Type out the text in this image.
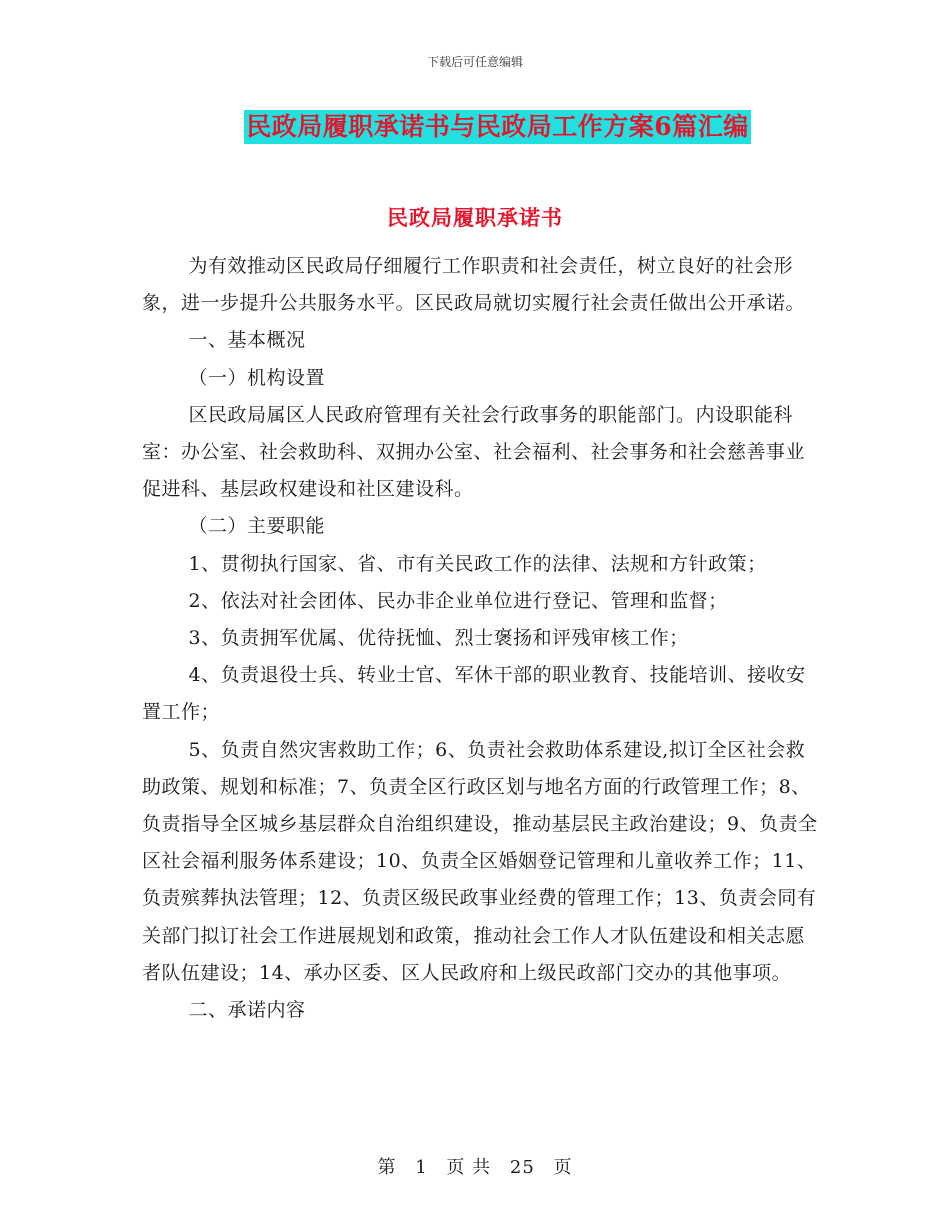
下载后可任意编辑
民政局履职承诺书与民政局工作方案6篇汇编
民政局履职承诺书

为有效推动区民政局仔细履行工作职责和社会责任，树立良好的社会形象，进一步提升公共服务水平。区民政局就切实履行社会责任做出公开承诺。

一、基本概况

（一）机构设置

区民政局属区人民政府管理有关社会行政事务的职能部门。内设职能科室：办公室、社会救助科、双拥办公室、社会福利、社会事务和社会慈善事业促进科、基层政权建设和社区建设科。

（二）主要职能

1、贯彻执行国家、省、市有关民政工作的法律、法规和方针政策；

2、依法对社会团体、民办非企业单位进行登记、管理和监督；

3、负责拥军优属、优待抚恤、烈士褒扬和评残审核工作；

4、负责退役士兵、转业士官、军休干部的职业教育、技能培训、接收安置工作；

5、负责自然灾害救助工作；6、负责社会救助体系建设,拟订全区社会救助政策、规划和标准；7、负责全区行政区划与地名方面的行政管理工作；8、负责指导全区城乡基层群众自治组织建设，推动基层民主政治建设；9、负责全区社会福利服务体系建设；10、负责全区婚姻登记管理和儿童收养工作；11、负责殡葬执法管理；12、负责区级民政事业经费的管理工作；13、负责会同有关部门拟订社会工作进展规划和政策，推动社会工作人才队伍建设和相关志愿者队伍建设；14、承办区委、区人民政府和上级民政部门交办的其他事项。

二、承诺内容

第 1 页 共 25 页
